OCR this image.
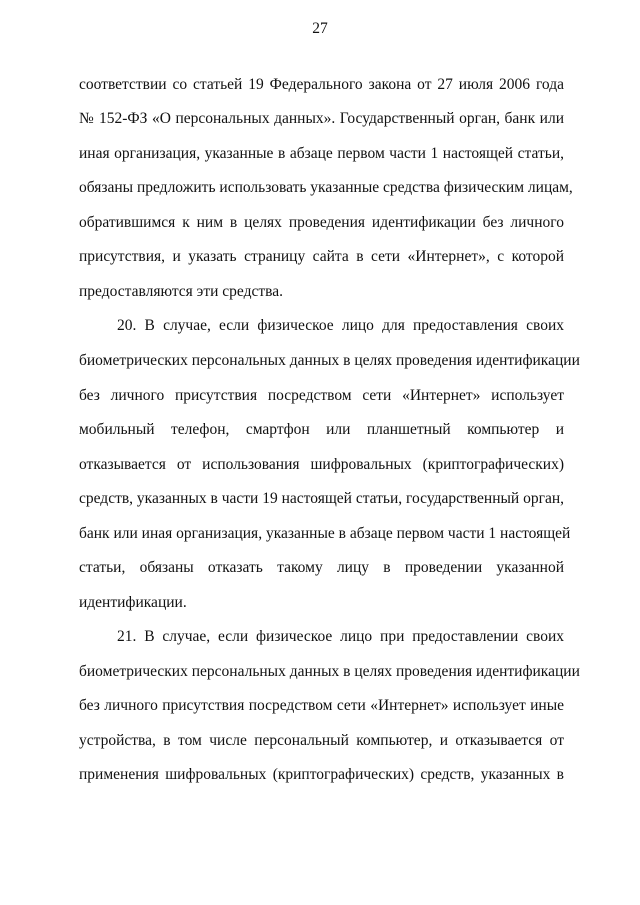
27
соответствии со статьей 19 Федерального закона от 27 июля 2006 года
№ 152-ФЗ «О персональных данных». Государственный орган, банк или
иная организация, указанные в абзаце первом части 1 настоящей статьи,
обязаны предложить использовать указанные средства физическим лицам,
обратившимся к ним в целях проведения идентификации без личного
присутствия, и указать страницу сайта в сети «Интернет», с которой
предоставляются эти средства.
20. В случае, если физическое лицо для предоставления своих
биометрических персональных данных в целях проведения идентификации
без личного присутствия посредством сети «Интернет» использует
мобильный телефон, смартфон или планшетный компьютер и
отказывается от использования шифровальных (криптографических)
средств, указанных в части 19 настоящей статьи, государственный орган,
банк или иная организация, указанные в абзаце первом части 1 настоящей
статьи, обязаны отказать такому лицу в проведении указанной
идентификации.
21. В случае, если физическое лицо при предоставлении своих
биометрических персональных данных в целях проведения идентификации
без личного присутствия посредством сети «Интернет» использует иные
устройства, в том числе персональный компьютер, и отказывается от
применения шифровальных (криптографических) средств, указанных в
